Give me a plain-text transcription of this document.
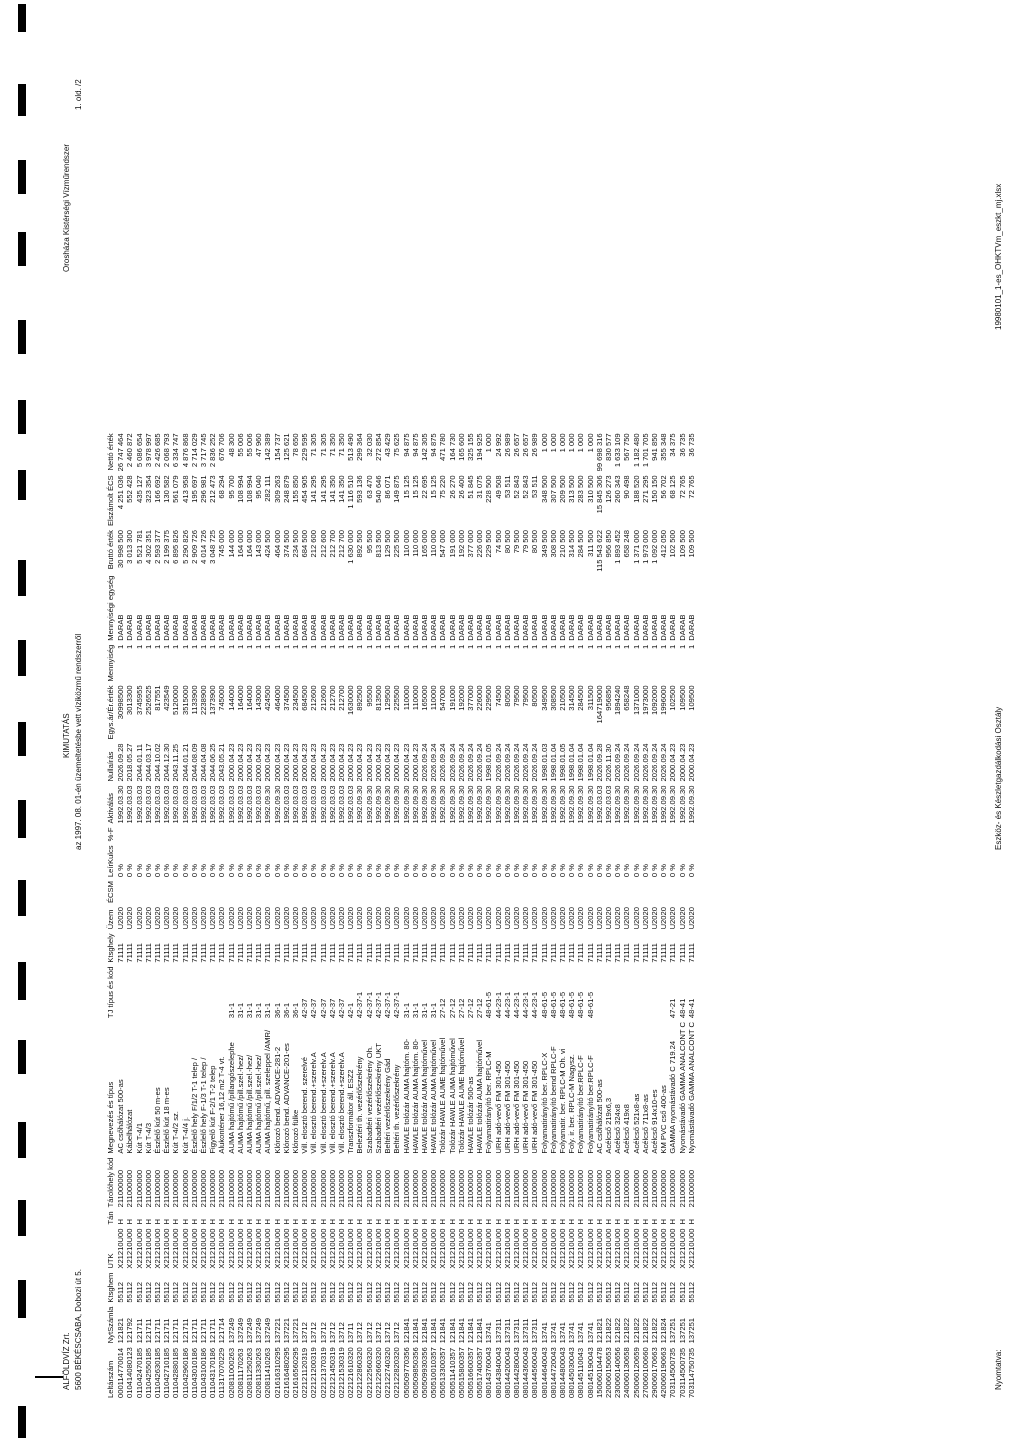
ALFÖLDVÍZ Zrt. 5600 BÉKÉSCSABA, Dobozi út 5.
KIMUTATÁS az 1997. 08. 01-én üzemeltetésbe vett víziközmű rendszerről
Orosháza Kistérségi Vízműrendszer
1. old. /2
Leltárszám	NytSzámla	Ktsghem	UTK	Tán	Tárolóhely kód	Megnevezés és típus	TJ típus és kód	Ktsghely	Üzem	ÉCSM	LeírKulcs	%-F	Aktiválás	Nullaírás	Egys.ár/Ér.érték	Mennyiség	Mennyiségi egység	Bruttó érték	Elszámolt ÉCS	Nettó érték
000114770014	121821	55112	X21210U00	H	211000000	AC csőhálózat 500-as		71111	U2020		0 %		1992.03.30	2026.09.28	30998500	1	DARAB	30 998 500	4 251 036	26 747 464
010414080123	121792	55112	X21210U00	H	211000000	Kábelhálózat		71111	U2020		0 %		1992.03.03	2018.05.27	3013300	1	DARAB	3 013 300	552 428	2 460 872
011042470185	121711	55112	X21210U00	H	211000000	Kút T-4/1		71111	U2020		0 %		1992.03.03	2044.01.11	3745955	1	DARAB	5 521 781	435 127	5 086 654
011042550185	121711	55112	X21210U00	H	211000000	Kút T-4/3		71111	U2020		0 %		1992.03.03	2044.03.17	2526525	1	DARAB	4 302 351	323 354	3 978 997
011042630185	121711	55112	X21210U00	H	211000000	Észlelő kút 50 m-es		71111	U2020		0 %		1992.03.03	2044.10.02	817551	1	DARAB	2 593 377	166 692	2 426 685
011042710185	121711	55112	X21210U00	H	211000000	Észlelő kút 18 m-es		71111	U2020		0 %		1992.03.03	2044.12.30	423549	1	DARAB	2 199 375	130 582	2 068 793
011042880185	121711	55112	X21210U00	H	211000000	Kút T-4/2 sz.		71111	U2020		0 %		1992.03.03	2043.11.25	5120000	1	DARAB	6 895 826	561 079	6 334 747
011042960186	121711	55112	X21210U00	H	211000000	Kút T-4/4 j.		71111	U2020		0 %		1992.03.03	2044.01.21	3515000	1	DARAB	5 290 826	413 958	4 876 868
011043010186	121711	55112	X21210U00	H	211000000	Észlelő hely F/1/2 T-1 telep /		71111	U2020		0 %		1992.03.03	2044.08.09	1133900	1	DARAB	2 909 726	195 697	2 714 029
011043100186	121711	55112	X21210U00	H	211000000	Észlelő hely F-1/3 T-1 telep /		71111	U2020		0 %		1992.03.03	2044.04.08	2238900	1	DARAB	4 014 726	296 981	3 717 745
011043170186	121711	55112	X21210U00	H	211000000	Figyelő kút F-2/1 T-2 telep		71111	U2020		0 %		1992.03.03	2044.06.25	1373900	1	DARAB	3 048 725	212 473	2 836 252
011317070229	121714	55112	X21210U00	H	211000000	Alukonténer 16,12 m2 T-4 vt.		71111	U2020		0 %		1992.03.03	2043.05.21	745000	1	DARAB	745 000	68 294	676 706
020811000263	137249	55112	X21210U00	H	211000000	AUMA hajtómű /pillangószelephe	31-1	71111	U2020		0 %		1992.03.03	2000.04.23	144000	1	DARAB	144 000	95 700	48 300
020811170263	137249	55112	X21210U00	H	211000000	AUMA hajtómű /pill.szel.-hez/	31-1	71111	U2020		0 %		1992.03.03	2000.04.23	164000	1	DARAB	164 000	108 994	55 006
020811250263	137249	55112	X21210U00	H	211000000	AUMA hajtómű /pill.szel.-hez/	31-1	71111	U2020		0 %		1992.03.03	2000.04.23	164000	1	DARAB	164 000	108 994	55 006
020811330263	137249	55112	X21210U00	H	211000000	AUMA hajtómű /pill.szel.-hez/	31-1	71111	U2020		0 %		1992.03.03	2000.04.23	143000	1	DARAB	143 000	95 040	47 960
020811410263	137249	55112	X21210U00	H	211000000	AUMA hajtómű, pill. szeleppel /AMR/	31-1	71111	U2020		0 %		1992.09.30	2000.04.23	424500	1	DARAB	424 500	282 111	142 389
021616310295	137221	55112	X21210U00	H	211000000	Klórozó bend. ADVANCE-281-2	36-1	71111	U2020		0 %		1992.09.30	2000.04.23	464000	1	DARAB	464 000	309 263	154 737
021616480295	137221	55112	X21210U00	H	211000000	Klórozó bend. ADVANCE-201-es	36-1	71111	U2020		0 %		1992.03.03	2000.04.23	374500	1	DARAB	374 500	248 879	125 621
021616560295	137221	55112	X21210U00	H	211000000	Klórozó fülke	36-1	71111	U2020		0 %		1992.03.03	2000.04.23	234500	1	DARAB	234 500	155 850	78 650
022121120319	13712	55112	X21210U00	H	211000000	Vill. elosztó berend. szerelvé	42-37	71111	U2020		0 %		1992.03.03	2000.04.23	684500	1	DARAB	684 500	454 905	229 595
022121200319	13712	55112	X21210U00	H	211000000	Vill. elosztó berend.+szerelv.A	42-37	71111	U2020		0 %		1992.03.03	2000.04.23	212600	1	DARAB	212 600	141 295	71 305
022121370319	13712	55112	X21210U00	H	211000000	Vill. elosztó berend.+szerelv.A	42-37	71111	U2020		0 %		1992.03.03	2000.04.23	212600	1	DARAB	212 600	141 295	71 305
022121450319	13712	55112	X21210U00	H	211000000	Vill. elosztó berend.+szerelv.A	42-37	71111	U2020		0 %		1992.03.03	2000.04.23	212700	1	DARAB	212 700	141 350	71 350
022121530319	13712	55112	X21210U00	H	211000000	Vill. elosztó berend.+szerelv.A	42-37	71111	U2020		0 %		1992.03.03	2000.04.23	212700	1	DARAB	212 700	141 350	71 350
022121610320	13711	55112	X21210U00	H	211000000	Transzformátor áll. ESZ2	42-1	71111	U2020		0 %		1992.03.03	2000.04.23	1630000	1	DARAB	1 630 000	1 116 510	513 490
022122860320	13712	55112	X21210U00	H	211000000	Beleztéri th. vezérlőszekrény	42-37-1	71111	U2020		0 %		1992.09.30	2000.04.23	892500	1	DARAB	892 500	593 136	299 364
022122560320	13712	55112	X21210U00	H	211000000	Szabadtéri vezérlőszekrény Oh.	42-37-1	71111	U2020		0 %		1992.09.30	2000.04.23	95500	1	DARAB	95 500	63 470	32 030
022122660320	13712	55112	X21210U00	H	211000000	Szabadtéri vezérlőszekrény UKT	42-37-1	71111	U2020		0 %		1992.09.30	2000.04.23	813500	1	DARAB	813 500	540 646	272 854
022122740320	13712	55112	X21210U00	H	211000000	Beltéri vezérlőszekrény Gád	42-37-1	71111	U2020		0 %		1992.09.30	2000.04.23	129500	1	DARAB	129 500	86 071	43 429
022122820320	13712	55112	X21210U00	H	211000000	Beltéri th. vezérlőszekrény	42-37-1	71111	U2020		0 %		1992.09.30	2000.04.23	225500	1	DARAB	225 500	149 875	75 625
050509770356	121841	55112	X21210U00	H	211000000	HAWLE tolózár AUMA hajtóm. 80-	31-1	71111	U2020		0 %		1992.09.30	2000.04.23	110000	1	DARAB	110 000	15 125	94 875
050509850356	121841	55112	X21210U00	H	211000000	HAWLE tolózár AUMA hajtóm. 80-	31-1	71111	U2020		0 %		1992.09.30	2000.04.23	110000	1	DARAB	110 000	15 125	94 875
050509930356	121841	55112	X21210U00	H	211000000	HAWLE tolózár AUMA hajtóművel	31-1	71111	U2020		0 %		1992.09.30	2026.09.24	165000	1	DARAB	165 000	22 695	142 305
050510010357	121841	55112	X21210U00	H	211000000	HAWLE tolózár AUMA hajtóművel	31-1	71111	U2020		0 %		1992.09.30	2026.09.24	110000	1	DARAB	110 000	15 125	94 875
050513300357	121841	55112	X21210U00	H	211000000	Tolózár HAWLE AUME hajtóművel	27-12	71111	U2020		0 %		1992.09.30	2026.09.24	547000	1	DARAB	547 000	75 220	471 780
050511410357	121841	55112	X21210U00	H	211000000	Tolózár HAWLE AUMA hajtóművel	27-12	71111	U2020		0 %		1992.09.30	2026.09.24	191000	1	DARAB	191 000	26 270	164 730
050515800357	121841	55112	X21210U00	H	211000000	Tolózár HAWLE AUME hajtóművel	27-12	71111	U2020		0 %		1992.09.30	2026.09.24	192000	1	DARAB	192 000	26 400	165 600
050516600357	121841	55112	X21210U00	H	211000000	HAWLE tolózár 500-as	27-12	71111	U2020		0 %		1992.09.30	2026.09.24	377000	1	DARAB	377 000	51 845	325 155
050517400357	121841	55112	X21210U00	H	211000000	HAWLE tolózár AUMA hajtóművel	27-12	71111	U2020		0 %		1992.09.30	2026.09.24	226000	1	DARAB	226 000	31 075	194 925
080143760043	13741	55112	X21210U00	H	211000000	Folyamatirányító ber. RPLC-M	48-61-5	71111	U2020		0 %		1992.09.30	1998.01.05	229500	1	DARAB	229 500	228 500	1 000
080143840043	137311	55112	X21210U00	H	211000000	URH adó-vevő FM 301-450	44-23-1	71111	U2020		0 %		1992.09.30	2026.09.24	74500	1	DARAB	74 500	49 508	24 992
080144200043	137311	55112	X21210U00	H	211000000	URH adó-vevő FM 301-450	44-23-1	71111	U2020		0 %		1992.09.30	2026.09.24	80500	1	DARAB	80 500	53 511	26 989
080144280043	137311	55112	X21210U00	H	211000000	URH adó-vevő FM 301-450	44-23-1	71111	U2020		0 %		1992.09.30	2026.09.24	79500	1	DARAB	79 500	52 843	26 657
080144360043	137311	55112	X21210U00	H	211000000	URH adó-vevő FM 301-450	44-23-1	71111	U2020		0 %		1992.09.30	2026.09.24	79500	1	DARAB	79 500	52 843	26 657
080144560043	137311	55112	X21210U00	H	211000000	URH adó-vevő FM 301-450	44-23-1	71111	U2020		0 %		1992.09.30	2026.09.24	80500	1	DARAB	80 500	53 511	26 989
080144640043	13741	55112	X21210U00	H	211000000	Folyamatirányító ber. RPLC-X	48-61-5	71111	U2020		0 %		1992.09.30	1998.01.03	349500	1	DARAB	349 500	348 500	1 000
080144720043	13741	55112	X21210U00	H	211000000	Folyamatirányító bernd RPLC-F	48-61-5	71111	U2020		0 %		1992.09.30	1998.01.04	308500	1	DARAB	308 500	307 500	1 000
080144800043	13741	55112	X21210U00	H	211000000	Folyamatir. ber. RPLC-M Oh. vi	48-61-5	71111	U2020		0 %		1992.09.30	1998.01.05	210500	1	DARAB	210 500	209 500	1 000
080145030043	13741	55112	X21210U00	H	211000000	Foly. ir. ber. RPLC-M Nagysz.	48-61-5	71111	U2020		0 %		1992.09.30	1998.01.04	314500	1	DARAB	314 500	313 500	1 000
080145110043	13741	55112	X21210U00	H	211000000	Folyamatirányító ber.RPLC-F	48-61-5	71111	U2020		0 %		1992.09.30	1998.01.04	284500	1	DARAB	284 500	283 500	1 000
080145190043	13741	55112	X21210U00	H	211000000	Folyamatirányító ber.RPLC-F	48-61-5	71111	U2020		0 %		1992.09.30	1998.01.04	311500	1	DARAB	311 500	310 500	1 000
150060104478	121821	55112	X21210U00	H	211000000	AC csőhálózat 500-as		71111	U2020		0 %		1992.03.03	2026.09.28	164719000	1	DARAB	115 543 622	15 845 306	99 698 316
220060150653	121822	55112	X21210U00	H	211000000	Acélcső 219x6,3		71111	U2020		0 %		1992.03.03	2026.11.30	956850	1	DARAB	956 850	126 273	830 577
230060140656	121822	55112	X21210U00	H	211000000	Acélcső 324x8		71111	U2020		0 %		1992.09.30	2026.09.24	1894240	1	DARAB	1 893 452	260 343	1 633 109
240060130658	121822	55112	X21210U00	H	211000000	Acélcső 419x8		71111	U2020		0 %		1992.09.30	2026.09.24	658248	1	DARAB	658 248	90 498	567 750
250060120659	121822	55112	X21210U00	H	211000000	Acélcső 521x8-as		71111	U2020		0 %		1992.09.30	2026.09.24	1371000	1	DARAB	1 371 000	188 520	1 182 480
270060100660	121822	55112	X21210U00	H	211000000	Acélcső 711x8-as		71111	U2020		0 %		1992.09.30	2026.09.24	1973000	1	DARAB	1 973 000	271 295	1 701 705
290060170663	121822	55112	X21210U00	H	211000000	Acélcső 914x10-es		71111	U2020		0 %		1992.09.30	2026.09.24	1092000	1	DARAB	1 092 000	150 150	941 850
420060190663	121824	55112	X21210U00	H	211000000	KM PVC cső 400-as		71111	U2020		0 %		1992.09.30	2026.09.24	1996000	1	DARAB	412 050	56 702	355 348
703114500735	137251	55112	X21210U00	H	211000000	GAMMA nyomástávadó C 719.24	47-21	71111	U2020		0 %		1992.09.30	2000.04.23	102500	1	DARAB	102 500	68 125	34 375
703114500735	137251	55112	X21210U00	H	211000000	Nyomástávadó GAMMA ANALCONT C	48-41	71111	U2020		0 %		1992.09.30	2000.04.23	109500	1	DARAB	109 500	72 765	36 735
703114750735	137251	55112	X21210U00	H	211000000	Nyomástávadó GAMMA ANALCONT C	48-41	71111	U2020		0 %		1992.09.30	2000.04.23	109500	1	DARAB	109 500	72 765	36 735
Nyomtatva:
Eszköz- és Készletgazdálkodási Osztály
19980101_1-es_OHKTVm_eszkt_mj.xlsx
